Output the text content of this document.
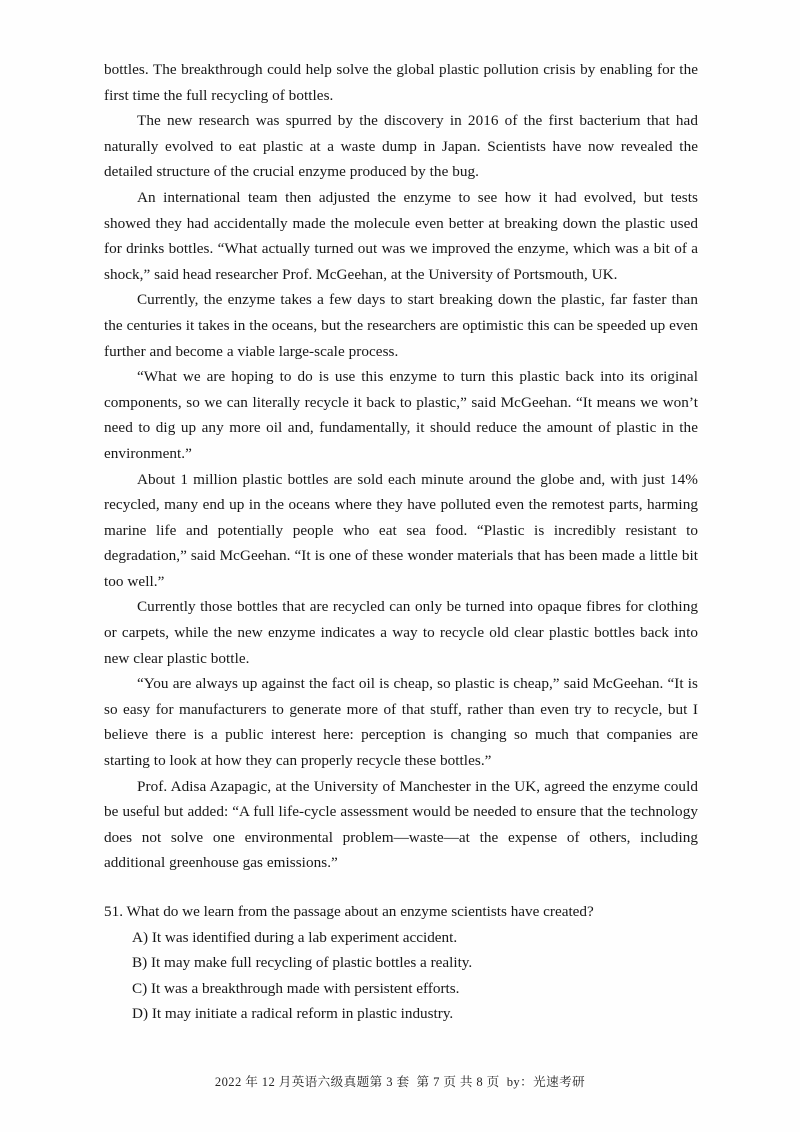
bottles. The breakthrough could help solve the global plastic pollution crisis by enabling for the first time the full recycling of bottles.

The new research was spurred by the discovery in 2016 of the first bacterium that had naturally evolved to eat plastic at a waste dump in Japan. Scientists have now revealed the detailed structure of the crucial enzyme produced by the bug.

An international team then adjusted the enzyme to see how it had evolved, but tests showed they had accidentally made the molecule even better at breaking down the plastic used for drinks bottles. “What actually turned out was we improved the enzyme, which was a bit of a shock,” said head researcher Prof. McGeehan, at the University of Portsmouth, UK.

Currently, the enzyme takes a few days to start breaking down the plastic, far faster than the centuries it takes in the oceans, but the researchers are optimistic this can be speeded up even further and become a viable large-scale process.

“What we are hoping to do is use this enzyme to turn this plastic back into its original components, so we can literally recycle it back to plastic,” said McGeehan. “It means we won’t need to dig up any more oil and, fundamentally, it should reduce the amount of plastic in the environment.”

About 1 million plastic bottles are sold each minute around the globe and, with just 14% recycled, many end up in the oceans where they have polluted even the remotest parts, harming marine life and potentially people who eat sea food. “Plastic is incredibly resistant to degradation,” said McGeehan. “It is one of these wonder materials that has been made a little bit too well.”

Currently those bottles that are recycled can only be turned into opaque fibres for clothing or carpets, while the new enzyme indicates a way to recycle old clear plastic bottles back into new clear plastic bottle.

“You are always up against the fact oil is cheap, so plastic is cheap,” said McGeehan. “It is so easy for manufacturers to generate more of that stuff, rather than even try to recycle, but I believe there is a public interest here: perception is changing so much that companies are starting to look at how they can properly recycle these bottles.”

Prof. Adisa Azapagic, at the University of Manchester in the UK, agreed the enzyme could be useful but added: “A full life-cycle assessment would be needed to ensure that the technology does not solve one environmental problem—waste—at the expense of others, including additional greenhouse gas emissions.”

51. What do we learn from the passage about an enzyme scientists have created?

A) It was identified during a lab experiment accident.

B) It may make full recycling of plastic bottles a reality.

C) It was a breakthrough made with persistent efforts.

D) It may initiate a radical reform in plastic industry.

2022 年 12 月英语六级真题第 3 套  第 7 页 共 8 页  by：光速考研
